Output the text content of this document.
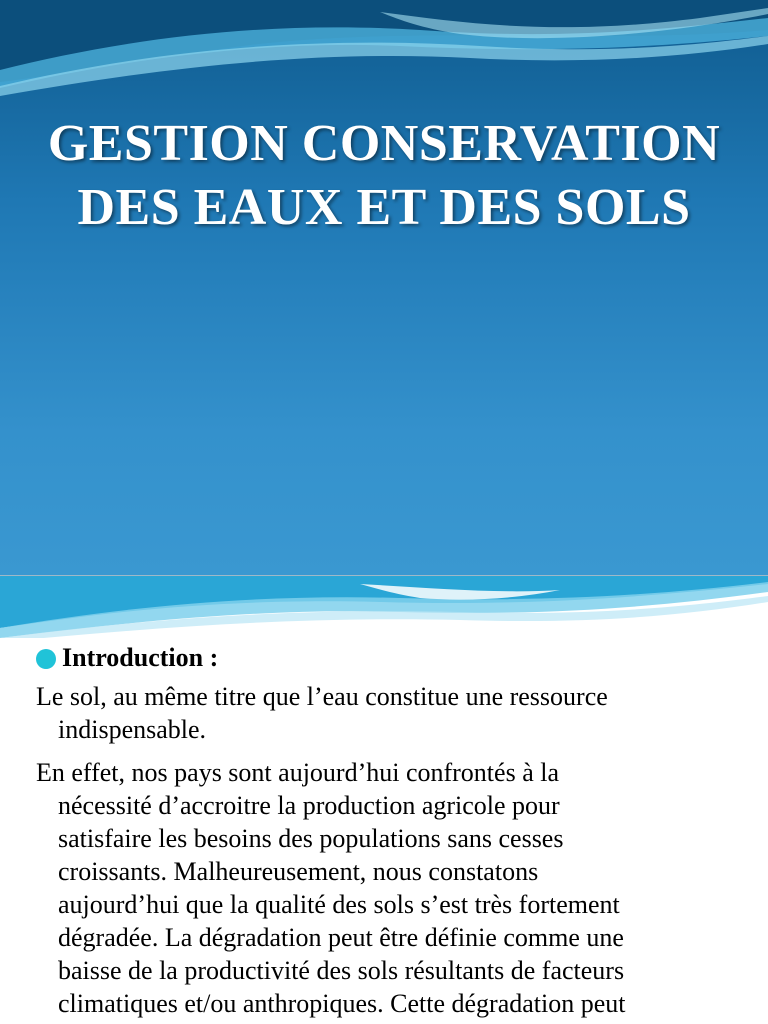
GESTION CONSERVATION
DES EAUX ET DES SOLS
Introduction :
Le sol, au même titre que l’eau constitue une ressource
indispensable.
En effet, nos pays sont aujourd’hui confrontés à la
nécessité d’accroitre la production agricole pour
satisfaire les besoins des populations sans cesses
croissants. Malheureusement, nous constatons
aujourd’hui que la qualité des sols s’est très fortement
dégradée. La dégradation peut être définie comme une
baisse de la productivité des sols résultants de facteurs
climatiques et/ou anthropiques. Cette dégradation peut
